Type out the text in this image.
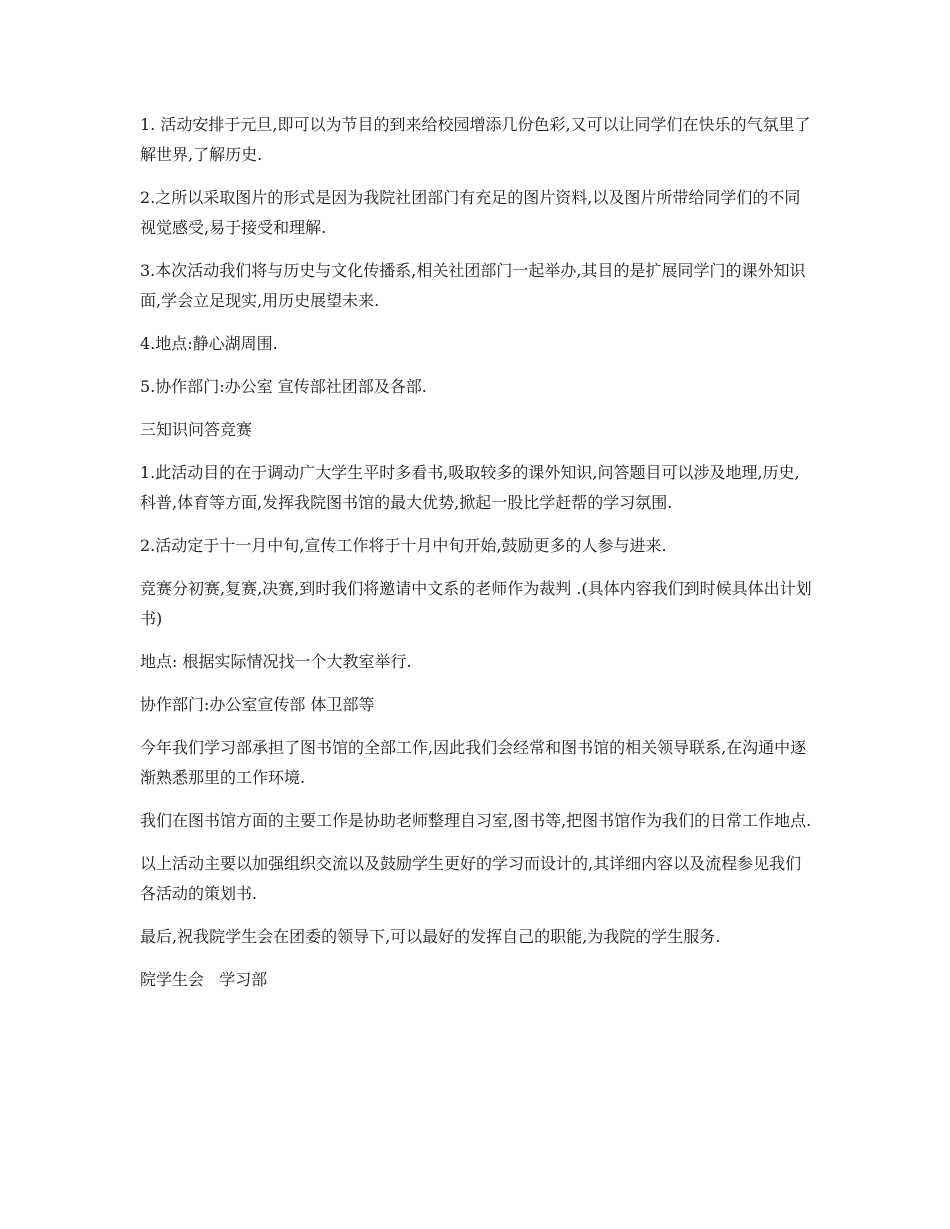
1. 活动安排于元旦,即可以为节目的到来给校园增添几份色彩,又可以让同学们在快乐的气氛里了解世界,了解历史.

2.之所以采取图片的形式是因为我院社团部门有充足的图片资料,以及图片所带给同学们的不同视觉感受,易于接受和理解.

3.本次活动我们将与历史与文化传播系,相关社团部门一起举办,其目的是扩展同学门的课外知识面,学会立足现实,用历史展望未来.

4.地点:静心湖周围.

5.协作部门:办公室 宣传部社团部及各部.

三知识问答竞赛

1.此活动目的在于调动广大学生平时多看书,吸取较多的课外知识,问答题目可以涉及地理,历史,科普,体育等方面,发挥我院图书馆的最大优势,掀起一股比学赶帮的学习氛围.

2.活动定于十一月中旬,宣传工作将于十月中旬开始,鼓励更多的人参与进来.

竞赛分初赛,复赛,决赛,到时我们将邀请中文系的老师作为裁判 .(具体内容我们到时候具体出计划书)

地点: 根据实际情况找一个大教室举行.

协作部门:办公室宣传部 体卫部等

今年我们学习部承担了图书馆的全部工作,因此我们会经常和图书馆的相关领导联系,在沟通中逐渐熟悉那里的工作环境.

我们在图书馆方面的主要工作是协助老师整理自习室,图书等,把图书馆作为我们的日常工作地点.

以上活动主要以加强组织交流以及鼓励学生更好的学习而设计的,其详细内容以及流程参见我们各活动的策划书.

最后,祝我院学生会在团委的领导下,可以最好的发挥自己的职能,为我院的学生服务.

院学生会   学习部
